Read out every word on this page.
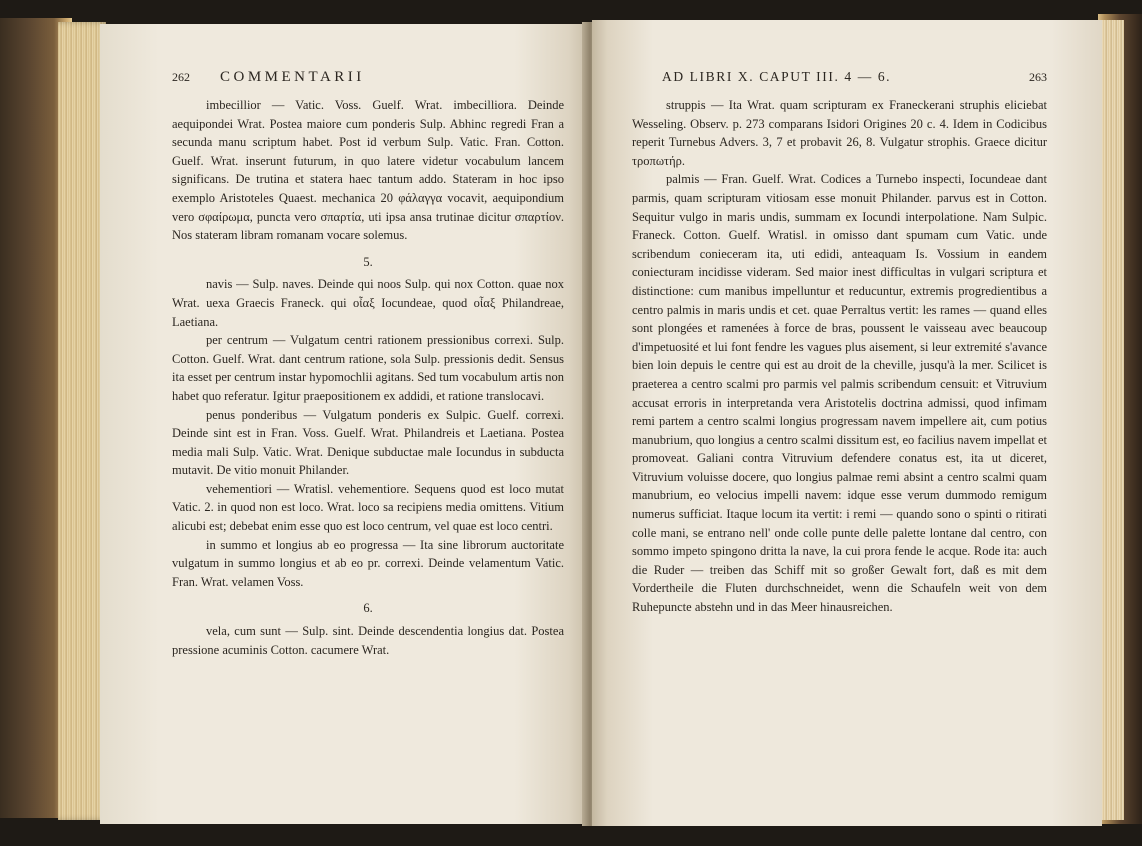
262 COMMENTARII

imbecillior — Vatic. Voss. Guelf. Wrat. imbecilliora. Deinde aequipondei Wrat. Postea maiore cum ponderis Sulp. Abhinc regredi Fran a secunda manu scriptum habet. Post id verbum Sulp. Vatic. Fran. Cotton. Guelf. Wrat. inserunt futurum, in quo latere videtur vocabulum lancem significans. De trutina et statera haec tantum addo. Stateram in hoc ipso exemplo Aristoteles Quaest. mechanica 20 φάλαγγα vocavit, aequipondium vero σφαίρωμα, puncta vero σπαρτία, uti ipsa ansa trutinae dicitur σπαρτίον. Nos stateram libram romanam vocare solemus.

5.

navis — Sulp. naves. Deinde qui noos Sulp. qui nox Cotton. quae nox Wrat. uexa Graecis Franeck. qui οἶαξ Iocundeae, quod οἶαξ Philandreae, Laetiana.

per centrum — Vulgatum centri rationem pressionibus correxi. Sulp. Cotton. Guelf. Wrat. dant centrum ratione, sola Sulp. pressionis dedit. Sensus ita esset per centrum instar hypomochlii agitans. Sed tum vocabulum artis non habet quo referatur. Igitur praepositionem ex addidi, et ratione translocavi.

penus ponderibus — Vulgatum ponderis ex Sulpic. Guelf. correxi. Deinde sint est in Fran. Voss. Guelf. Wrat. Philandreis et Laetiana. Postea media mali Sulp. Vatic. Wrat. Denique subductae male Iocundus in subducta mutavit. De vitio monuit Philander.

vehementiori — Wratisl. vehementiore. Sequens quod est loco mutat Vatic. 2. in quod non est loco. Wrat. loco sa recipiens media omittens. Vitium alicubi est; debebat enim esse quo est loco centrum, vel quae est loco centri.

in summo et longius ab eo progressa — Ita sine librorum auctoritate vulgatum in summo longius et ab eo pr. correxi. Deinde velamentum Vatic. Fran. Wrat. velamen Voss.

6.

vela, cum sunt — Sulp. sint. Deinde descendentia longius dat. Postea pressione acuminis Cotton. cacumere Wrat.

AD LIBRI X. CAPUT III. 4 — 6.	263

struppis — Ita Wrat. quam scripturam ex Franeckerani struphis eliciebat Wesseling. Observ. p. 273 comparans Isidori Origines 20 c. 4. Idem in Codicibus reperit Turnebus Advers. 3, 7 et probavit 26, 8. Vulgatur strophis. Graece dicitur τροπωτήρ.

palmis — Fran. Guelf. Wrat. Codices a Turnebo inspecti, Iocundeae dant parmis, quam scripturam vitiosam esse monuit Philander. parvus est in Cotton. Sequitur vulgo in maris undis, summam ex Iocundi interpolatione. Nam Sulpic. Franeck. Cotton. Guelf. Wratisl. in omisso dant spumam cum Vatic. unde scribendum conieceram ita, uti edidi, anteaquam Is. Vossium in eandem coniecturam incidisse videram. Sed maior inest difficultas in vulgari scriptura et distinctione: cum manibus impelluntur et reducuntur, extremis progredientibus a centro palmis in maris undis et cet. quae Perraltus vertit: les rames — quand elles sont plongées et ramenées à force de bras, poussent le vaisseau avec beaucoup d'impetuosité et lui font fendre les vagues plus aisement, si leur extremité s'avance bien loin depuis le centre qui est au droit de la cheville, jusqu'à la mer. Scilicet is praeterea a centro scalmi pro parmis vel palmis scribendum censuit: et Vitruvium accusat erroris in interpretanda vera Aristotelis doctrina admissi, quod infimam remi partem a centro scalmi longius progressam navem impellere ait, cum potius manubrium, quo longius a centro scalmi dissitum est, eo facilius navem impellat et promoveat. Galiani contra Vitruvium defendere conatus est, ita ut diceret, Vitruvium voluisse docere, quo longius palmae remi absint a centro scalmi quam manubrium, eo velocius impelli navem: idque esse verum dummodo remigum numerus sufficiat. Itaque locum ita vertit: i remi — quando sono o spinti o ritirati colle mani, se entrano nell' onde colle punte delle palette lontane dal centro, con sommo impeto spingono dritta la nave, la cui prora fende le acque. Rode ita: auch die Ruder — treiben das Schiff mit so großer Gewalt fort, daß es mit dem Vordertheile die Fluten durchschneidet, wenn die Schaufeln weit von dem Ruhepuncte abstehn und in das Meer hinausreichen.
